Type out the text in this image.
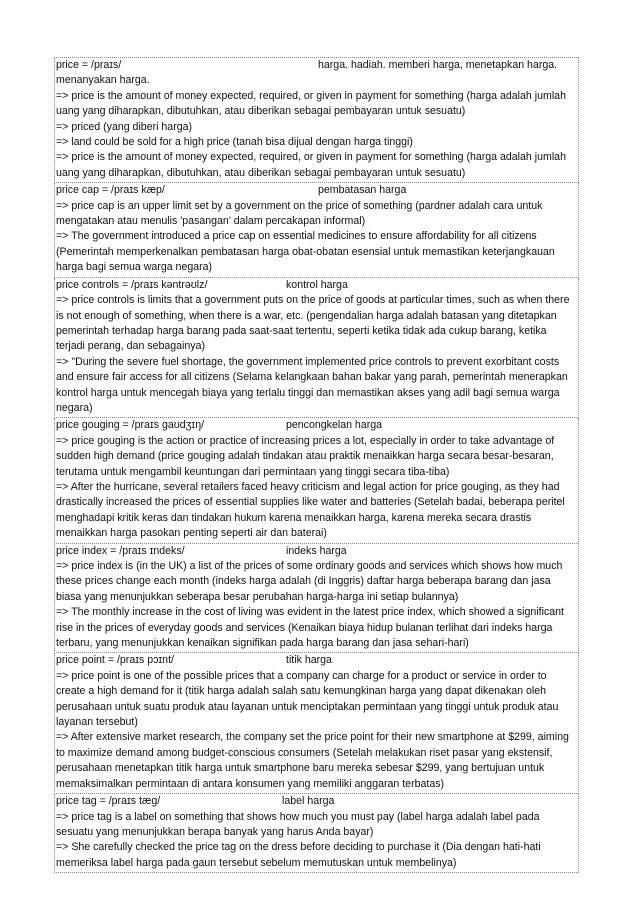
price = /praɪs/	harga. hadiah. memberi harga, menetapkan harga.

menanyakan harga.

=> price is the amount of money expected, required, or given in payment for something (harga adalah jumlah uang yang diharapkan, dibutuhkan, atau diberikan sebagai pembayaran untuk sesuatu)

=> priced (yang diberi harga)

=> land could be sold for a high price (tanah bisa dijual dengan harga tinggi)

=> price is the amount of money expected, required, or given in payment for something (harga adalah jumlah uang yang diharapkan, dibutuhkan, atau diberikan sebagai pembayaran untuk sesuatu)

price cap = /praɪs kæp/	pembatasan harga

=> price cap is an upper limit set by a government on the price of something (pardner adalah cara untuk mengatakan atau menulis 'pasangan' dalam percakapan informal)

=> The government introduced a price cap on essential medicines to ensure affordability for all citizens (Pemerintah memperkenalkan pembatasan harga obat-obatan esensial untuk memastikan keterjangkauan harga bagi semua warga negara)

price controls = /praɪs kəntrəʊlz/	kontrol harga

=> price controls is limits that a government puts on the price of goods at particular times, such as when there is not enough of something, when there is a war, etc. (pengendalian harga adalah batasan yang ditetapkan pemerintah terhadap harga barang pada saat-saat tertentu, seperti ketika tidak ada cukup barang, ketika terjadi perang, dan sebagainya)

=> "During the severe fuel shortage, the government implemented price controls to prevent exorbitant costs and ensure fair access for all citizens (Selama kelangkaan bahan bakar yang parah, pemerintah menerapkan kontrol harga untuk mencegah biaya yang terlalu tinggi dan memastikan akses yang adil bagi semua warga negara)

price gouging = /praɪs ɡaʊdʒɪŋ/	pencongkelan harga

=> price gouging is the action or practice of increasing prices a lot, especially in order to take advantage of sudden high demand (price gouging adalah tindakan atau praktik menaikkan harga secara besar-besaran, terutama untuk mengambil keuntungan dari permintaan yang tinggi secara tiba-tiba)

=> After the hurricane, several retailers faced heavy criticism and legal action for price gouging, as they had drastically increased the prices of essential supplies like water and batteries (Setelah badai, beberapa peritel menghadapi kritik keras dan tindakan hukum karena menaikkan harga, karena mereka secara drastis menaikkan harga pasokan penting seperti air dan baterai)

price index = /praɪs ɪndeks/	indeks harga

=> price index is (in the UK) a list of the prices of some ordinary goods and services which shows how much these prices change each month (indeks harga adalah (di Inggris) daftar harga beberapa barang dan jasa biasa yang menunjukkan seberapa besar perubahan harga-harga ini setiap bulannya)

=> The monthly increase in the cost of living was evident in the latest price index, which showed a significant rise in the prices of everyday goods and services (Kenaikan biaya hidup bulanan terlihat dari indeks harga terbaru, yang menunjukkan kenaikan signifikan pada harga barang dan jasa sehari-hari)

price point = /praɪs pɔɪnt/	titik harga

=> price point is one of the possible prices that a company can charge for a product or service in order to create a high demand for it (titik harga adalah salah satu kemungkinan harga yang dapat dikenakan oleh perusahaan untuk suatu produk atau layanan untuk menciptakan permintaan yang tinggi untuk produk atau layanan tersebut)

=> After extensive market research, the company set the price point for their new smartphone at $299, aiming to maximize demand among budget-conscious consumers (Setelah melakukan riset pasar yang ekstensif, perusahaan menetapkan titik harga untuk smartphone baru mereka sebesar $299, yang bertujuan untuk memaksimalkan permintaan di antara konsumen yang memiliki anggaran terbatas)

price tag = /praɪs tæɡ/	label harga

=> price tag is a label on something that shows how much you must pay (label harga adalah label pada sesuatu yang menunjukkan berapa banyak yang harus Anda bayar)

=> She carefully checked the price tag on the dress before deciding to purchase it (Dia dengan hati-hati memeriksa label harga pada gaun tersebut sebelum memutuskan untuk membelinya)
